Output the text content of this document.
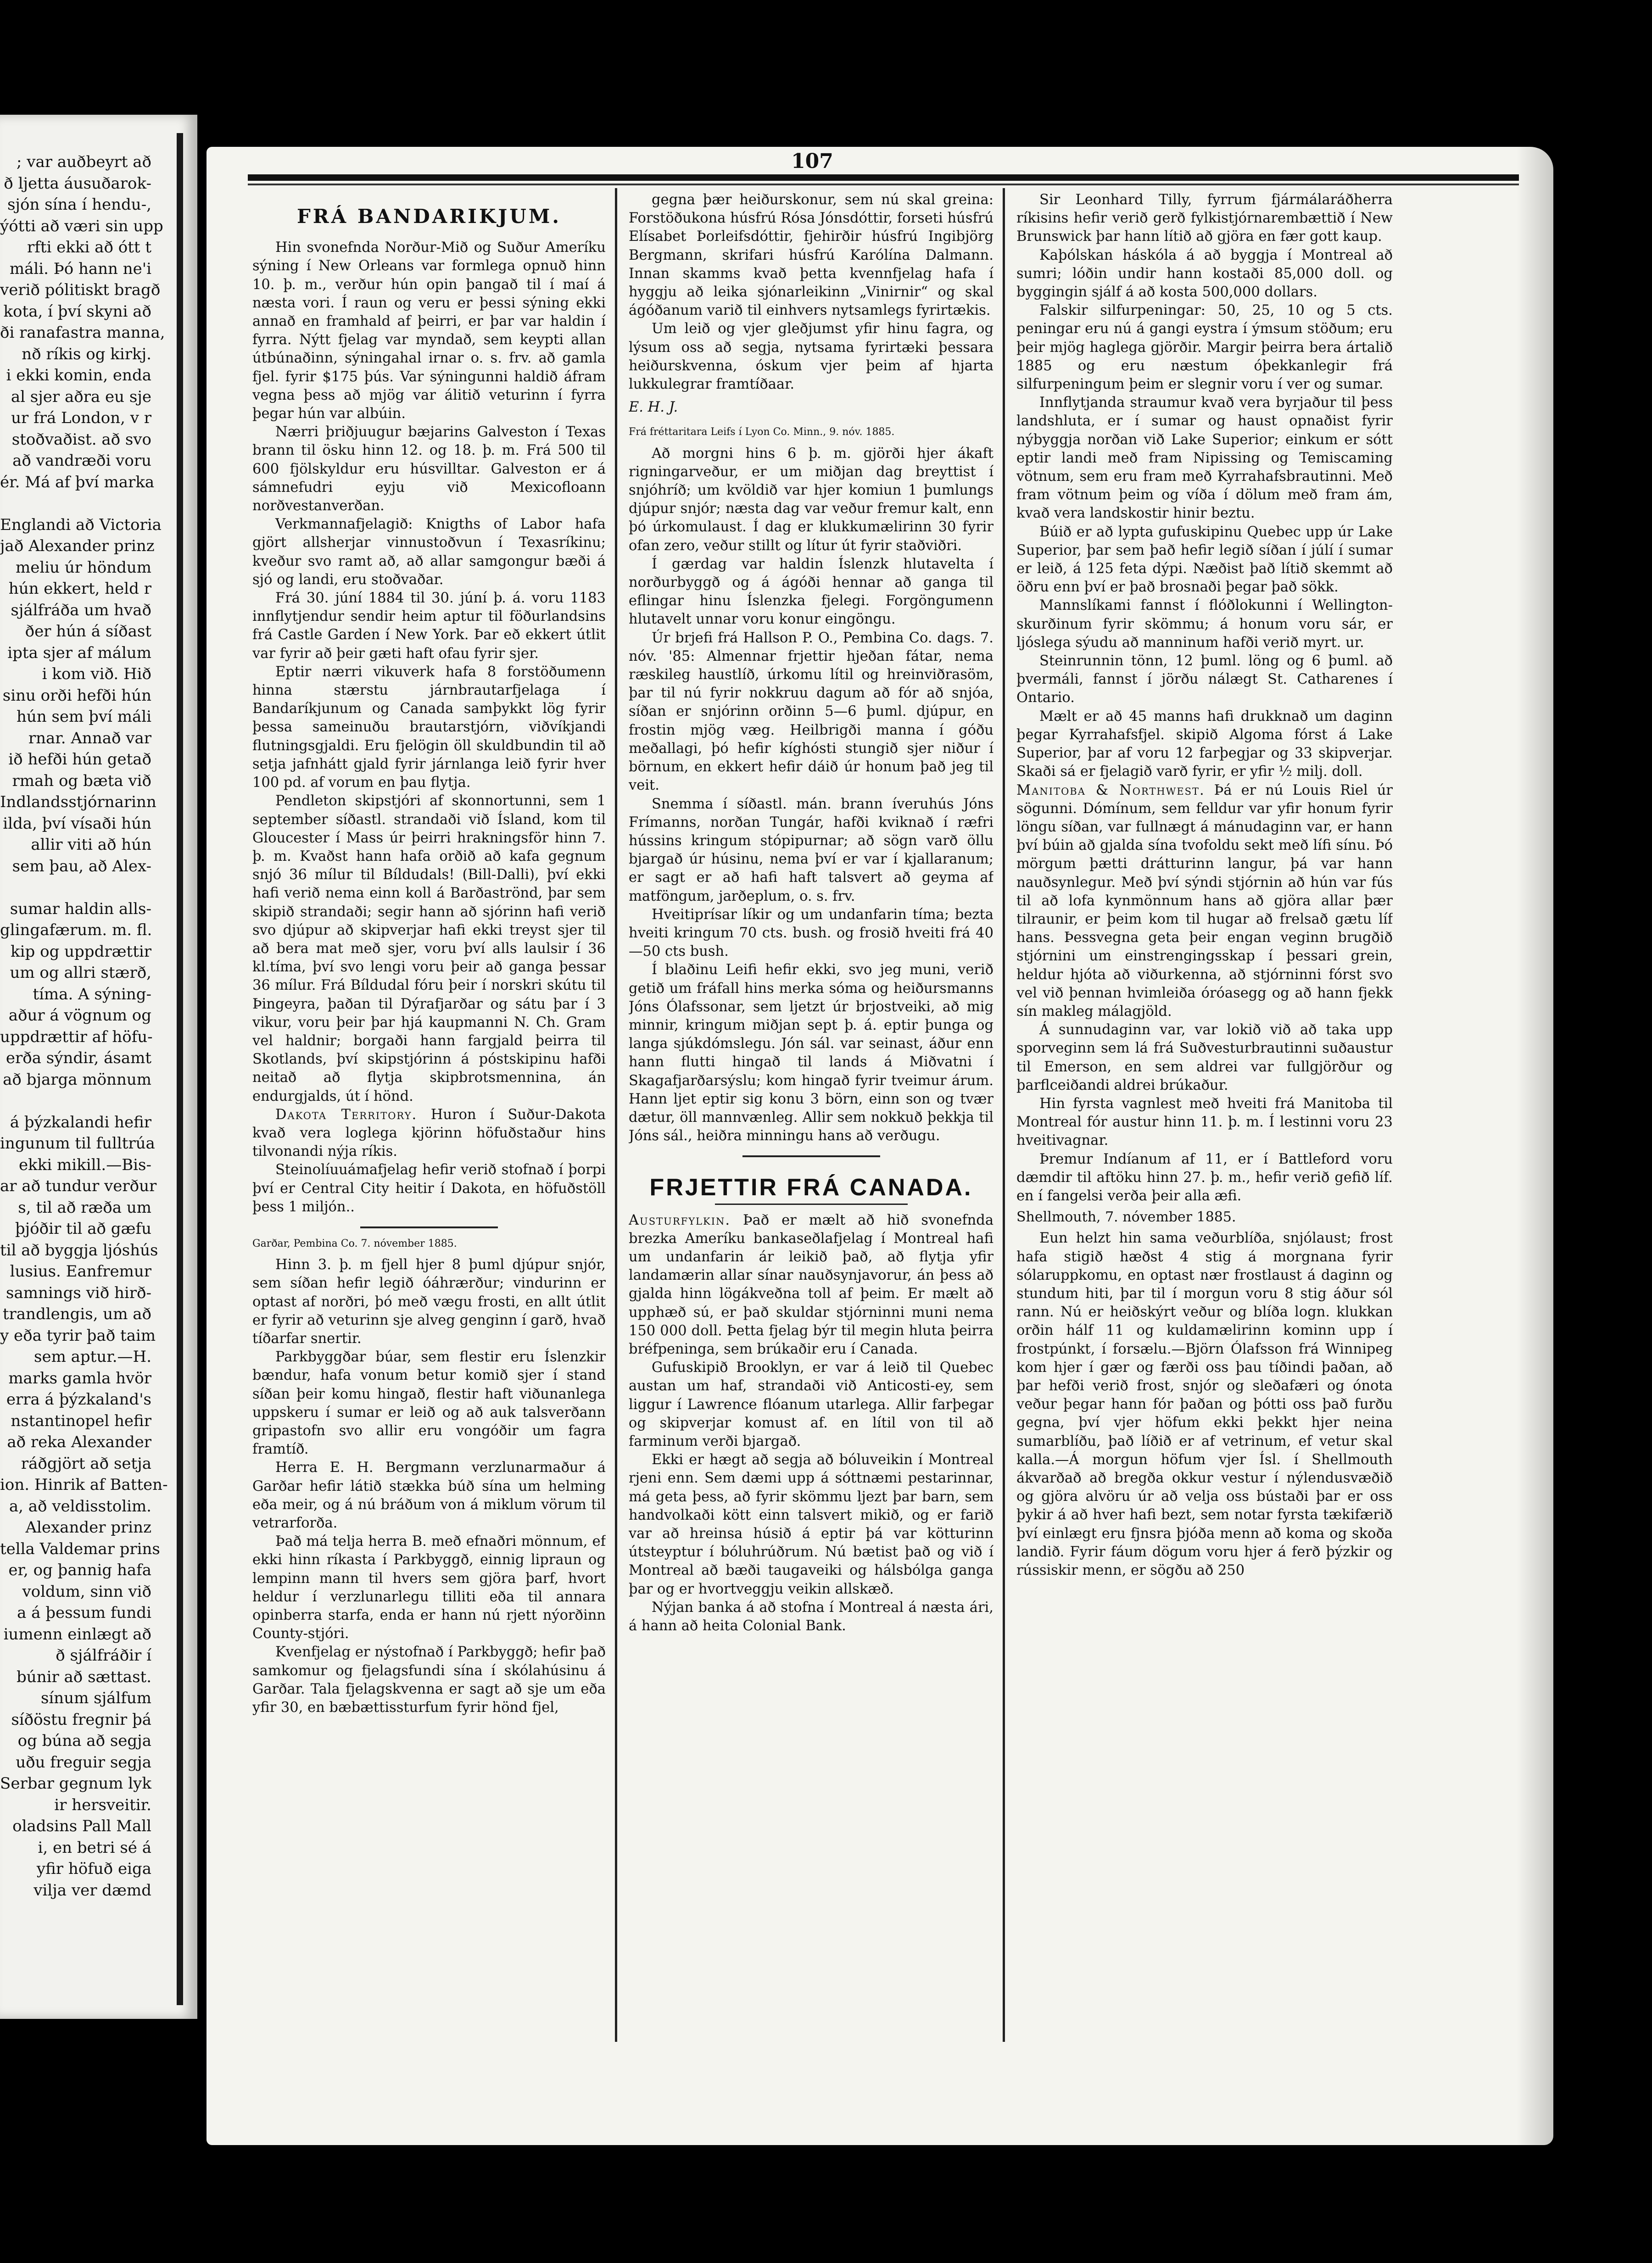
; var auðbeyrt að

ð ljetta áusuðarok-

sjón sína í hendu-,

ýótti að væri sin upp

rfti ekki að ótt t

máli. Þó hann ne'i

verið pólitiskt bragð

kota, í því skyni að

ði ranafastra manna,

nð ríkis og kirkj.

i ekki komin, enda

al sjer aðra eu sje

ur frá London, v r

stoðvaðist. að svo

að vandræði voru

ér. Má af því marka

Englandi að Victoria

jað Alexander prinz

meliu úr höndum

hún ekkert, held r

sjálfráða um hvað

ðer hún á síðast

ipta sjer af málum

i kom við. Hið

sinu orði hefði hún

hún sem því máli

rnar. Annað var

ið hefði hún getað

rmah og bæta við

Indlandsstjórnarinn

ilda, því vísaði hún

allir viti að hún

sem þau, að Alex-

sumar haldin alls-

glingafærum. m. fl.

kip og uppdrættir

um og allri stærð,

tíma. A sýning-

aður á vögnum og

uppdrættir af höfu-

erða sýndir, ásamt

að bjarga mönnum

á þýzkalandi hefir

ingunum til fulltrúa

ekki mikill.—Bis-

ar að tundur verður

s, til að ræða um

þjóðir til að gæfu

til að byggja ljóshús

lusius. Eanfremur

samnings við hirð-

trandlengis, um að

y eða tyrir það taim

sem aptur.—H.

marks gamla hvör

erra á þýzkaland's

nstantinopel hefir

að reka Alexander

ráðgjört að setja

ion. Hinrik af Batten-

a, að veldisstolim.

Alexander prinz

tella Valdemar prins

er, og þannig hafa

voldum, sinn við

a á þessum fundi

iumenn einlægt að

ð sjálfráðir í

búnir að sættast.

sínum sjálfum

síðöstu fregnir þá

og búna að segja

uðu freguir segja

Serbar gegnum lyk

ir hersveitir.

oladsins Pall Mall

i, en betri sé á

yfir höfuð eiga

vilja ver dæmd

107
FRÁ BANDARIKJUM.

Hin svonefnda Norður-Mið og Suður Ameríku sýning í New Orleans var formlega opnuð hinn 10. þ. m., verður hún opin þangað til í maí á næsta vori. Í raun og veru er þessi sýning ekki annað en framhald af þeirri, er þar var haldin í fyrra. Nýtt fjelag var myndað, sem keypti allan útbúnaðinn, sýningahal irnar o. s. frv. að gamla fjel. fyrir $175 þús. Var sýningunni haldið áfram vegna þess að mjög var álitið veturinn í fyrra þegar hún var albúin.

Nærri þriðjuugur bæjarins Galveston í Texas brann til ösku hinn 12. og 18. þ. m. Frá 500 til 600 fjölskyldur eru húsvilltar. Galveston er á sámnefudri eyju við Mexicofloann norðvestanverðan.

Verkmannafjelagið: Knigths of Labor hafa gjört allsherjar vinnustoðvun í Texasríkinu; kveður svo ramt að, að allar samgongur bæði á sjó og landi, eru stoðvaðar.

Frá 30. júní 1884 til 30. júní þ. á. voru 1183 innflytjendur sendir heim aptur til föðurlandsins frá Castle Garden í New York. Þar eð ekkert útlit var fyrir að þeir gæti haft ofau fyrir sjer.

Eptir nærri vikuverk hafa 8 forstöðumenn hinna stærstu járnbrautarfjelaga í Bandaríkjunum og Canada samþykkt lög fyrir þessa sameinuðu brautarstjórn, viðvíkjandi flutningsgjaldi. Eru fjelögin öll skuldbundin til að setja jafnhátt gjald fyrir járnlanga leið fyrir hver 100 pd. af vorum en þau flytja.

Pendleton skipstjóri af skonnortunni, sem 1 september síðastl. strandaði við Ísland, kom til Gloucester í Mass úr þeirri hrakningsför hinn 7. þ. m. Kvaðst hann hafa orðið að kafa gegnum snjó 36 mílur til Bíldudals! (Bill-Dalli), því ekki hafi verið nema einn koll á Barðaströnd, þar sem skipið strandaði; segir hann að sjórinn hafi verið svo djúpur að skipverjar hafi ekki treyst sjer til að bera mat með sjer, voru því alls laulsir í 36 kl.tíma, því svo lengi voru þeir að ganga þessar 36 mílur. Frá Bíldudal fóru þeir í norskri skútu til Þingeyra, þaðan til Dýrafjarðar og sátu þar í 3 vikur, voru þeir þar hjá kaupmanni N. Ch. Gram vel haldnir; borgaði hann fargjald þeirra til Skotlands, því skipstjórinn á póstskipinu hafði neitað að flytja skipbrotsmennina, án endurgjalds, út í hönd.

Dakota Territory. Huron í Suður-Dakota kvað vera loglega kjörinn höfuðstaður hins tilvonandi nýja ríkis.

Steinolíuuámafjelag hefir verið stofnað í þorpi því er Central City heitir í Dakota, en höfuðstöll þess 1 miljón..

Garðar, Pembina Co. 7. nóvember 1885.

Hinn 3. þ. m fjell hjer 8 þuml djúpur snjór, sem síðan hefir legið óáhrærður; vindurinn er optast af norðri, þó með vægu frosti, en allt útlit er fyrir að veturinn sje alveg genginn í garð, hvað tíðarfar snertir.

Parkbyggðar búar, sem flestir eru Íslenzkir bændur, hafa vonum betur komið sjer í stand síðan þeir komu hingað, flestir haft viðunanlega uppskeru í sumar er leið og að auk talsverðann gripastofn svo allir eru vongóðir um fagra framtíð.

Herra E. H. Bergmann verzlunarmaður á Garðar hefir látið stækka búð sína um helming eða meir, og á nú bráðum von á miklum vörum til vetrarforða.

Það má telja herra B. með efnaðri mönnum, ef ekki hinn ríkasta í Parkbyggð, einnig lipraun og lempinn mann til hvers sem gjöra þarf, hvort heldur í verzlunarlegu tilliti eða til annara opinberra starfa, enda er hann nú rjett nýorðinn County-stjóri.

Kvenfjelag er nýstofnað í Parkbyggð; hefir það samkomur og fjelagsfundi sína í skólahúsinu á Garðar. Tala fjelagskvenna er sagt að sje um eða yfir 30, en bæbættissturfum fyrir hönd fjel,

gegna þær heiðurskonur, sem nú skal greina: Forstöðukona húsfrú Rósa Jónsdóttir, forseti húsfrú Elísabet Þorleifsdóttir, fjehirðir húsfrú Ingibjörg Bergmann, skrifari húsfrú Karólína Dalmann. Innan skamms kvað þetta kvennfjelag hafa í hyggju að leika sjónarleikinn „Vinirnir“ og skal ágóðanum varið til einhvers nytsamlegs fyrirtækis.

Um leið og vjer gleðjumst yfir hinu fagra, og lýsum oss að segja, nytsama fyrirtæki þessara heiðurskvenna, óskum vjer þeim af hjarta lukkulegrar framtíðaar.

E. H. J.

Frá fréttaritara Leifs í Lyon Co. Minn., 9. nóv. 1885.

Að morgni hins 6 þ. m. gjörði hjer ákaft rigningarveður, er um miðjan dag breyttist í snjóhríð; um kvöldið var hjer komiun 1 þumlungs djúpur snjór; næsta dag var veður fremur kalt, enn þó úrkomulaust. Í dag er klukkumælirinn 30 fyrir ofan zero, veður stillt og lítur út fyrir staðviðri.

Í gærdag var haldin Íslenzk hlutavelta í norðurbyggð og á ágóði hennar að ganga til eflingar hinu Íslenzka fjelegi. Forgöngumenn hlutavelt unnar voru konur eingöngu.

Úr brjefi frá Hallson P. O., Pembina Co. dags. 7. nóv. '85: Almennar frjettir hjeðan fátar, nema ræskileg haustlíð, úrkomu lítil og hreinviðrasöm, þar til nú fyrir nokkruu dagum að fór að snjóa, síðan er snjórinn orðinn 5—6 þuml. djúpur, en frostin mjög væg. Heilbrigði manna í góðu meðallagi, þó hefir kíghósti stungið sjer niður í börnum, en ekkert hefir dáið úr honum það jeg til veit.

Snemma í síðastl. mán. brann íveruhús Jóns Frímanns, norðan Tungár, hafði kviknað í ræfri hússins kringum stópipurnar; að sögn varð öllu bjargað úr húsinu, nema því er var í kjallaranum; er sagt er að hafi haft talsvert að geyma af matföngum, jarðeplum, o. s. frv.

Hveitiprísar líkir og um undanfarin tíma; bezta hveiti kringum 70 cts. bush. og frosið hveiti frá 40—50 cts bush.

Í blaðinu Leifi hefir ekki, svo jeg muni, verið getið um fráfall hins merka sóma og heiðursmanns Jóns Ólafssonar, sem ljetzt úr brjostveiki, að mig minnir, kringum miðjan sept þ. á. eptir þunga og langa sjúkdómslegu. Jón sál. var seinast, áður enn hann flutti hingað til lands á Miðvatni í Skagafjarðarsýslu; kom hingað fyrir tveimur árum. Hann ljet eptir sig konu 3 börn, einn son og tvær dætur, öll mannvænleg. Allir sem nokkuð þekkja til Jóns sál., heiðra minningu hans að verðugu.

FRJETTIR FRÁ CANADA.

Austurfylkin. Það er mælt að hið svonefnda brezka Ameríku bankaseðlafjelag í Montreal hafi um undanfarin ár leikið það, að flytja yfir landamærin allar sínar nauðsynjavorur, án þess að gjalda hinn lögákveðna toll af þeim. Er mælt að upphæð sú, er það skuldar stjórninni muni nema 150 000 doll. Þetta fjelag býr til megin hluta þeirra bréfpeninga, sem brúkaðir eru í Canada.

Gufuskipið Brooklyn, er var á leið til Quebec austan um haf, strandaði við Anticosti-ey, sem liggur í Lawrence flóanum utarlega. Allir farþegar og skipverjar komust af. en lítil von til að farminum verði bjargað.

Ekki er hægt að segja að bóluveikin í Montreal rjeni enn. Sem dæmi upp á sóttnæmi pestarinnar, má geta þess, að fyrir skömmu ljezt þar barn, sem handvolkaði kött einn talsvert mikið, og er farið var að hreinsa húsið á eptir þá var kötturinn útsteyptur í bóluhrúðrum. Nú bætist það og við í Montreal að bæði taugaveiki og hálsbólga ganga þar og er hvortveggju veikin allskæð.

Nýjan banka á að stofna í Montreal á næsta ári, á hann að heita Colonial Bank.

Sir Leonhard Tilly, fyrrum fjármálaráðherra ríkisins hefir verið gerð fylkistjórnarembættið í New Brunswick þar hann lítið að gjöra en fær gott kaup.

Kaþólskan háskóla á að byggja í Montreal að sumri; lóðin undir hann kostaði 85,000 doll. og byggingin sjálf á að kosta 500,000 dollars.

Falskir silfurpeningar: 50, 25, 10 og 5 cts. peningar eru nú á gangi eystra í ýmsum stöðum; eru þeir mjög haglega gjörðir. Margir þeirra bera ártalið 1885 og eru næstum óþekkanlegir frá silfurpeningum þeim er slegnir voru í ver og sumar.

Innflytjanda straumur kvað vera byrjaður til þess landshluta, er í sumar og haust opnaðist fyrir nýbyggja norðan við Lake Superior; einkum er sótt eptir landi með fram Nipissing og Temiscaming vötnum, sem eru fram með Kyrrahafsbrautinni. Með fram vötnum þeim og víða í dölum með fram ám, kvað vera landskostir hinir beztu.

Búið er að lypta gufuskipinu Quebec upp úr Lake Superior, þar sem það hefir legið síðan í júlí í sumar er leið, á 125 feta dýpi. Næðist það lítið skemmt að öðru enn því er það brosnaði þegar það sökk.

Mannslíkami fannst í flóðlokunni í Wellington-skurðinum fyrir skömmu; á honum voru sár, er ljóslega sýudu að manninum hafði verið myrt. ur.

Steinrunnin tönn, 12 þuml. löng og 6 þuml. að þvermáli, fannst í jörðu nálægt St. Catharenes í Ontario.

Mælt er að 45 manns hafi drukknað um daginn þegar Kyrrahafsfjel. skipið Algoma fórst á Lake Superior, þar af voru 12 farþegjar og 33 skipverjar. Skaði sá er fjelagið varð fyrir, er yfir ½ milj. doll.

Manitoba & Northwest. Þá er nú Louis Riel úr sögunni. Dómínum, sem felldur var yfir honum fyrir löngu síðan, var fullnægt á mánudaginn var, er hann því búin að gjalda sína tvofoldu sekt með lífi sínu. Þó mörgum þætti drátturinn langur, þá var hann nauðsynlegur. Með því sýndi stjórnin að hún var fús til að lofa kynmönnum hans að gjöra allar þær tilraunir, er þeim kom til hugar að frelsað gætu líf hans. Þessvegna geta þeir engan veginn brugðið stjórnini um einstrengingsskap í þessari grein, heldur hjóta að viðurkenna, að stjórninni fórst svo vel við þennan hvimleiða óróasegg og að hann fjekk sín makleg málagjöld.

Á sunnudaginn var, var lokið við að taka upp sporveginn sem lá frá Suðvesturbrautinni suðaustur til Emerson, en sem aldrei var fullgjörður og þarflceiðandi aldrei brúkaður.

Hin fyrsta vagnlest með hveiti frá Manitoba til Montreal fór austur hinn 11. þ. m. Í lestinni voru 23 hveitivagnar.

Þremur Indíanum af 11, er í Battleford voru dæmdir til aftöku hinn 27. þ. m., hefir verið gefið líf. en í fangelsi verða þeir alla æfi.

Shellmouth, 7. nóvember 1885.

Eun helzt hin sama veðurblíða, snjólaust; frost hafa stigið hæðst 4 stig á morgnana fyrir sólaruppkomu, en optast nær frostlaust á daginn og stundum hiti, þar til í morgun voru 8 stig áður sól rann. Nú er heiðskýrt veður og blíða logn. klukkan orðin hálf 11 og kuldamælirinn kominn upp í frostpúnkt, í forsælu.—Björn Ólafsson frá Winnipeg kom hjer í gær og færði oss þau tíðindi þaðan, að þar hefði verið frost, snjór og sleðafæri og ónota veður þegar hann fór þaðan og þótti oss það furðu gegna, því vjer höfum ekki þekkt hjer neina sumarblíðu, það líðið er af vetrinum, ef vetur skal kalla.—Á morgun höfum vjer Ísl. í Shellmouth ákvarðað að bregða okkur vestur í nýlendusvæðið og gjöra alvöru úr að velja oss bústaði þar er oss þykir á að hver hafi bezt, sem notar fyrsta tækifærið því einlægt eru fjnsra þjóða menn að koma og skoða landið. Fyrir fáum dögum voru hjer á ferð þýzkir og rússiskir menn, er sögðu að 250
